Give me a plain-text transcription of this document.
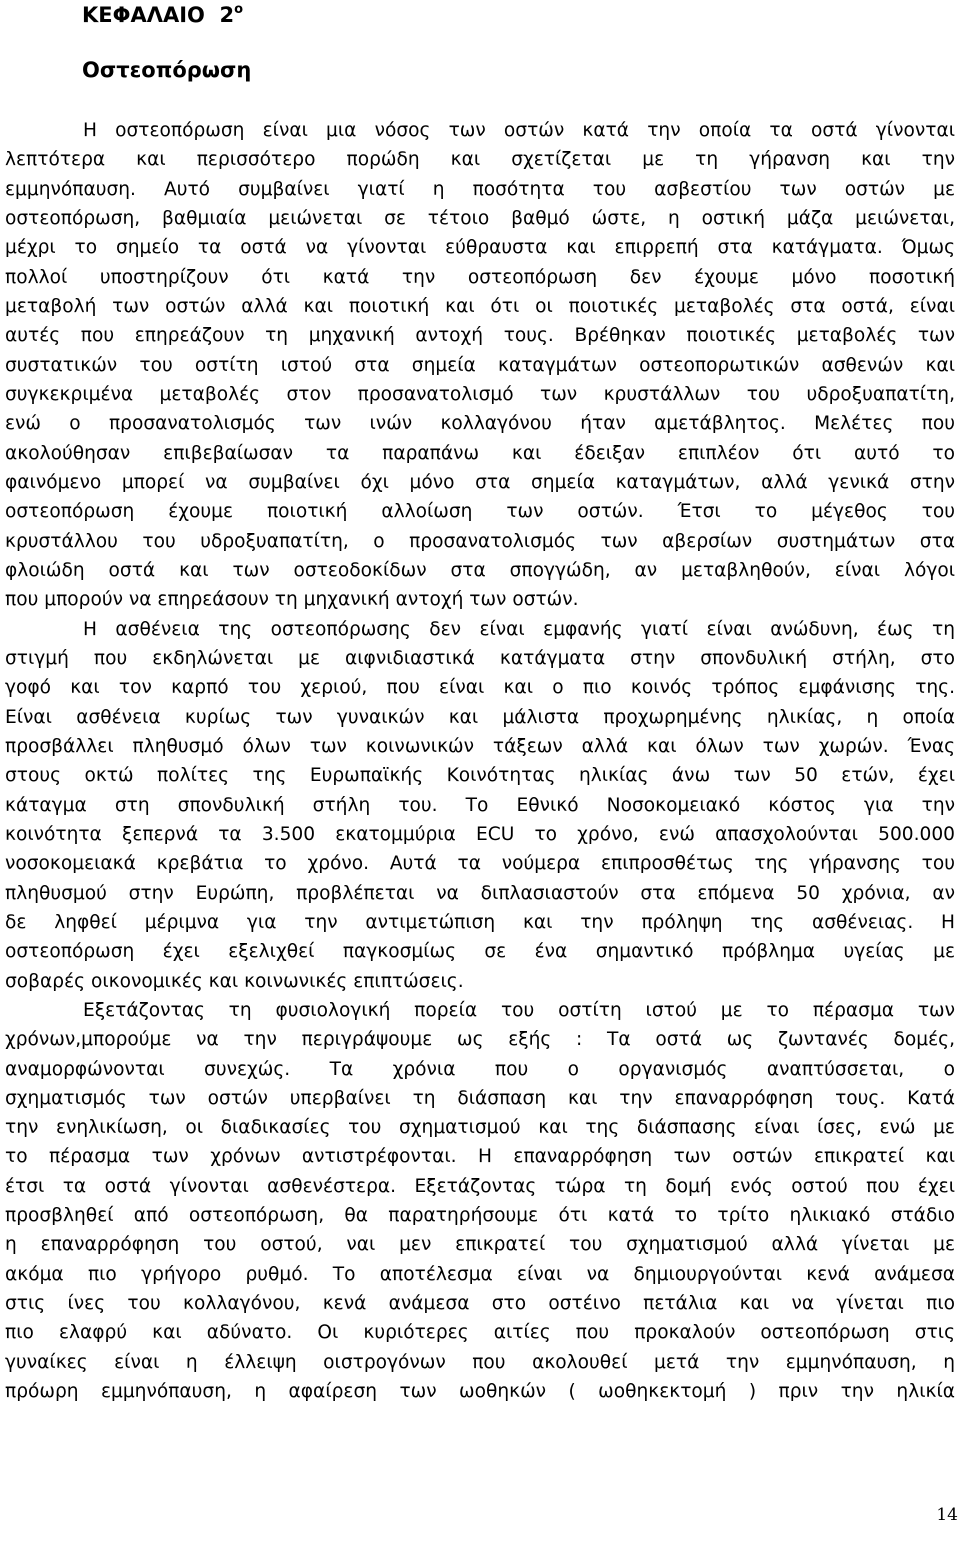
ΚΕΦΑΛΑΙΟ $2^o$
Οστεοπόρωση
Η οστεοπόρωση είναι μια νόσος των οστών κατά την οποία τα οστά γίνονται
λεπτότερα και περισσότερο πορώδη και σχετίζεται με τη γήρανση και την
εμμηνόπαυση. Αυτό συμβαίνει γιατί η ποσότητα του ασβεστίου των οστών με
οστεοπόρωση, βαθμιαία μειώνεται σε τέτοιο βαθμό ώστε, η οστική μάζα μειώνεται,
μέχρι το σημείο τα οστά να γίνονται εύθραυστα και επιρρεπή στα κατάγματα. Όμως
πολλοί υποστηρίζουν ότι κατά την οστεοπόρωση δεν έχουμε μόνο ποσοτική
μεταβολή των οστών αλλά και ποιοτική και ότι οι ποιοτικές μεταβολές στα οστά, είναι
αυτές που επηρεάζουν τη μηχανική αντοχή τους. Βρέθηκαν ποιοτικές μεταβολές των
συστατικών του οστίτη ιστού στα σημεία καταγμάτων οστεοπορωτικών ασθενών και
συγκεκριμένα μεταβολές στον προσανατολισμό των κρυστάλλων του υδροξυαπατίτη,
ενώ ο προσανατολισμός των ινών κολλαγόνου ήταν αμετάβλητος. Μελέτες που
ακολούθησαν επιβεβαίωσαν τα παραπάνω και έδειξαν επιπλέον ότι αυτό το
φαινόμενο μπορεί να συμβαίνει όχι μόνο στα σημεία καταγμάτων, αλλά γενικά στην
οστεοπόρωση έχουμε ποιοτική αλλοίωση των οστών. Έτσι το μέγεθος του
κρυστάλλου του υδροξυαπατίτη, ο προσανατολισμός των αβερσίων συστημάτων στα
φλοιώδη οστά και των οστεοδοκίδων στα σπογγώδη, αν μεταβληθούν, είναι λόγοι
που μπορούν να επηρεάσουν τη μηχανική αντοχή των οστών.
Η ασθένεια της οστεοπόρωσης δεν είναι εμφανής γιατί είναι ανώδυνη, έως τη
στιγμή που εκδηλώνεται με αιφνιδιαστικά κατάγματα στην σπονδυλική στήλη, στο
γοφό και τον καρπό του χεριού, που είναι και ο πιο κοινός τρόπος εμφάνισης της.
Είναι ασθένεια κυρίως των γυναικών και μάλιστα προχωρημένης ηλικίας, η οποία
προσβάλλει πληθυσμό όλων των κοινωνικών τάξεων αλλά και όλων των χωρών. Ένας
στους οκτώ πολίτες της Ευρωπαϊκής Κοινότητας ηλικίας άνω των 50 ετών, έχει
κάταγμα στη σπονδυλική στήλη του. Το Εθνικό Νοσοκομειακό κόστος για την
κοινότητα ξεπερνά τα 3.500 εκατομμύρια ECU το χρόνο, ενώ απασχολούνται 500.000
νοσοκομειακά κρεβάτια το χρόνο. Αυτά τα νούμερα επιπροσθέτως της γήρανσης του
πληθυσμού στην Ευρώπη, προβλέπεται να διπλασιαστούν στα επόμενα 50 χρόνια, αν
δε ληφθεί μέριμνα για την αντιμετώπιση και την πρόληψη της ασθένειας. Η
οστεοπόρωση έχει εξελιχθεί παγκοσμίως σε ένα σημαντικό πρόβλημα υγείας με
σοβαρές οικονομικές και κοινωνικές επιπτώσεις.
Εξετάζοντας τη φυσιολογική πορεία του οστίτη ιστού με το πέρασμα των
χρόνων,μπορούμε να την περιγράψουμε ως εξής : Τα οστά ως ζωντανές δομές,
αναμορφώνονται συνεχώς. Τα χρόνια που ο οργανισμός αναπτύσσεται, ο
σχηματισμός των οστών υπερβαίνει τη διάσπαση και την επαναρρόφηση τους. Κατά
την ενηλικίωση, οι διαδικασίες του σχηματισμού και της διάσπασης είναι ίσες, ενώ με
το πέρασμα των χρόνων αντιστρέφονται. Η επαναρρόφηση των οστών επικρατεί και
έτσι τα οστά γίνονται ασθενέστερα. Εξετάζοντας τώρα τη δομή ενός οστού που έχει
προσβληθεί από οστεοπόρωση, θα παρατηρήσουμε ότι κατά το τρίτο ηλικιακό στάδιο
η επαναρρόφηση του οστού, ναι μεν επικρατεί του σχηματισμού αλλά γίνεται με
ακόμα πιο γρήγορο ρυθμό. Το αποτέλεσμα είναι να δημιουργούνται κενά ανάμεσα
στις ίνες του κολλαγόνου, κενά ανάμεσα στο οστέινο πετάλια και να γίνεται πιο
πιο ελαφρύ και αδύνατο. Οι κυριότερες αιτίες που προκαλούν οστεοπόρωση στις
γυναίκες είναι η έλλειψη οιστρογόνων που ακολουθεί μετά την εμμηνόπαυση, η
πρόωρη εμμηνόπαυση, η αφαίρεση των ωοθηκών ( ωοθηκεκτομή ) πριν την ηλικία
14
